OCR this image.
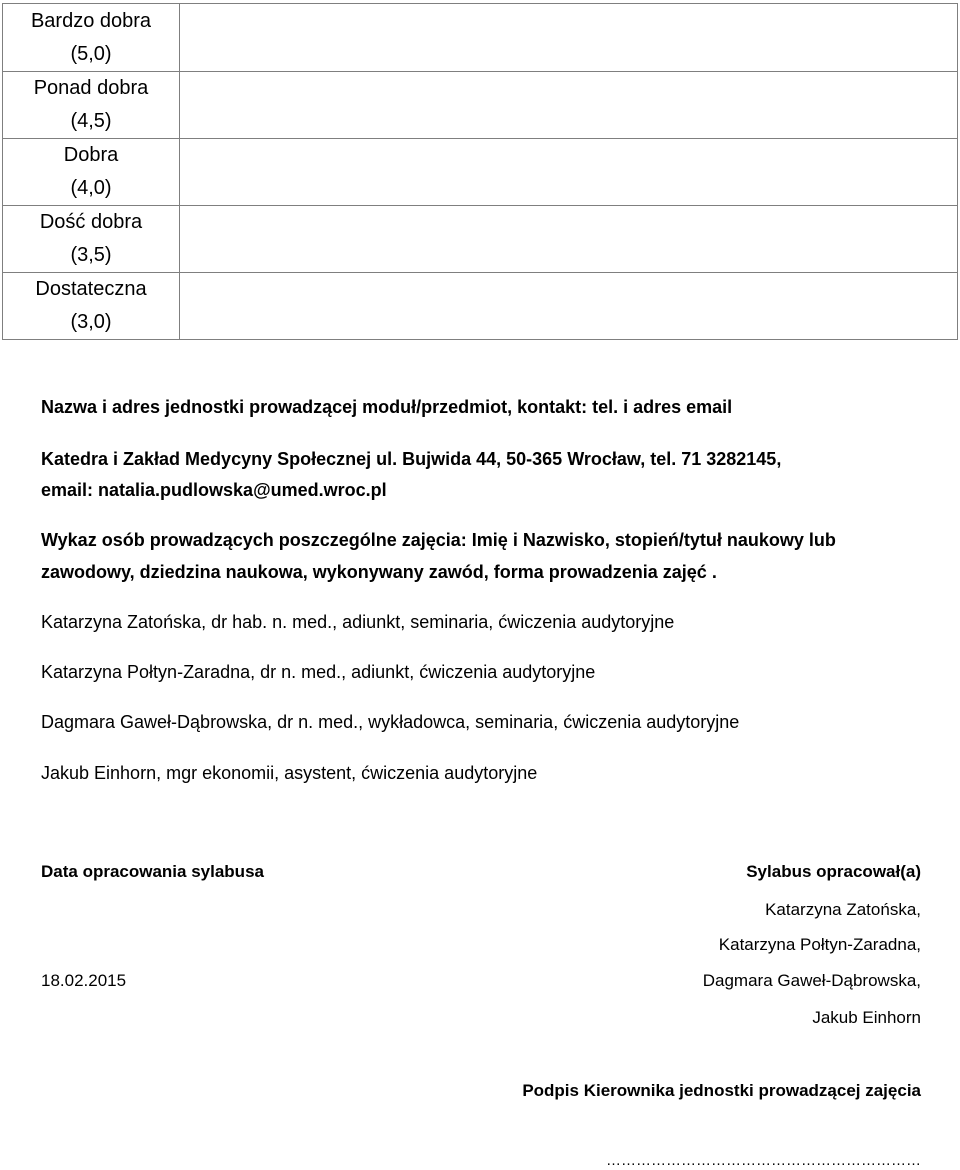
Bardzo dobra
(5,0)	

Ponad dobra
(4,5)	

Dobra
(4,0)	

Dość dobra
(3,5)	

Dostateczna
(3,0)	

Nazwa i adres jednostki prowadzącej moduł/przedmiot, kontakt: tel. i adres email
Katedra i Zakład Medycyny Społecznej ul. Bujwida 44, 50-365 Wrocław, tel. 71 3282145,
email: natalia.pudlowska@umed.wroc.pl
Wykaz osób prowadzących poszczególne zajęcia: Imię i Nazwisko, stopień/tytuł naukowy lub
zawodowy, dziedzina naukowa, wykonywany zawód, forma prowadzenia zajęć .
Katarzyna Zatońska, dr hab. n. med., adiunkt, seminaria, ćwiczenia audytoryjne
Katarzyna Połtyn-Zaradna, dr n. med., adiunkt, ćwiczenia audytoryjne
Dagmara Gaweł-Dąbrowska, dr n. med., wykładowca, seminaria, ćwiczenia audytoryjne
Jakub Einhorn, mgr ekonomii, asystent, ćwiczenia audytoryjne
Data opracowania sylabusa
18.02.2015
Sylabus opracował(a)
Katarzyna Zatońska,
Katarzyna Połtyn-Zaradna,
Dagmara Gaweł-Dąbrowska,
Jakub Einhorn
Podpis Kierownika jednostki prowadzącej zajęcia
………………………………………………………
